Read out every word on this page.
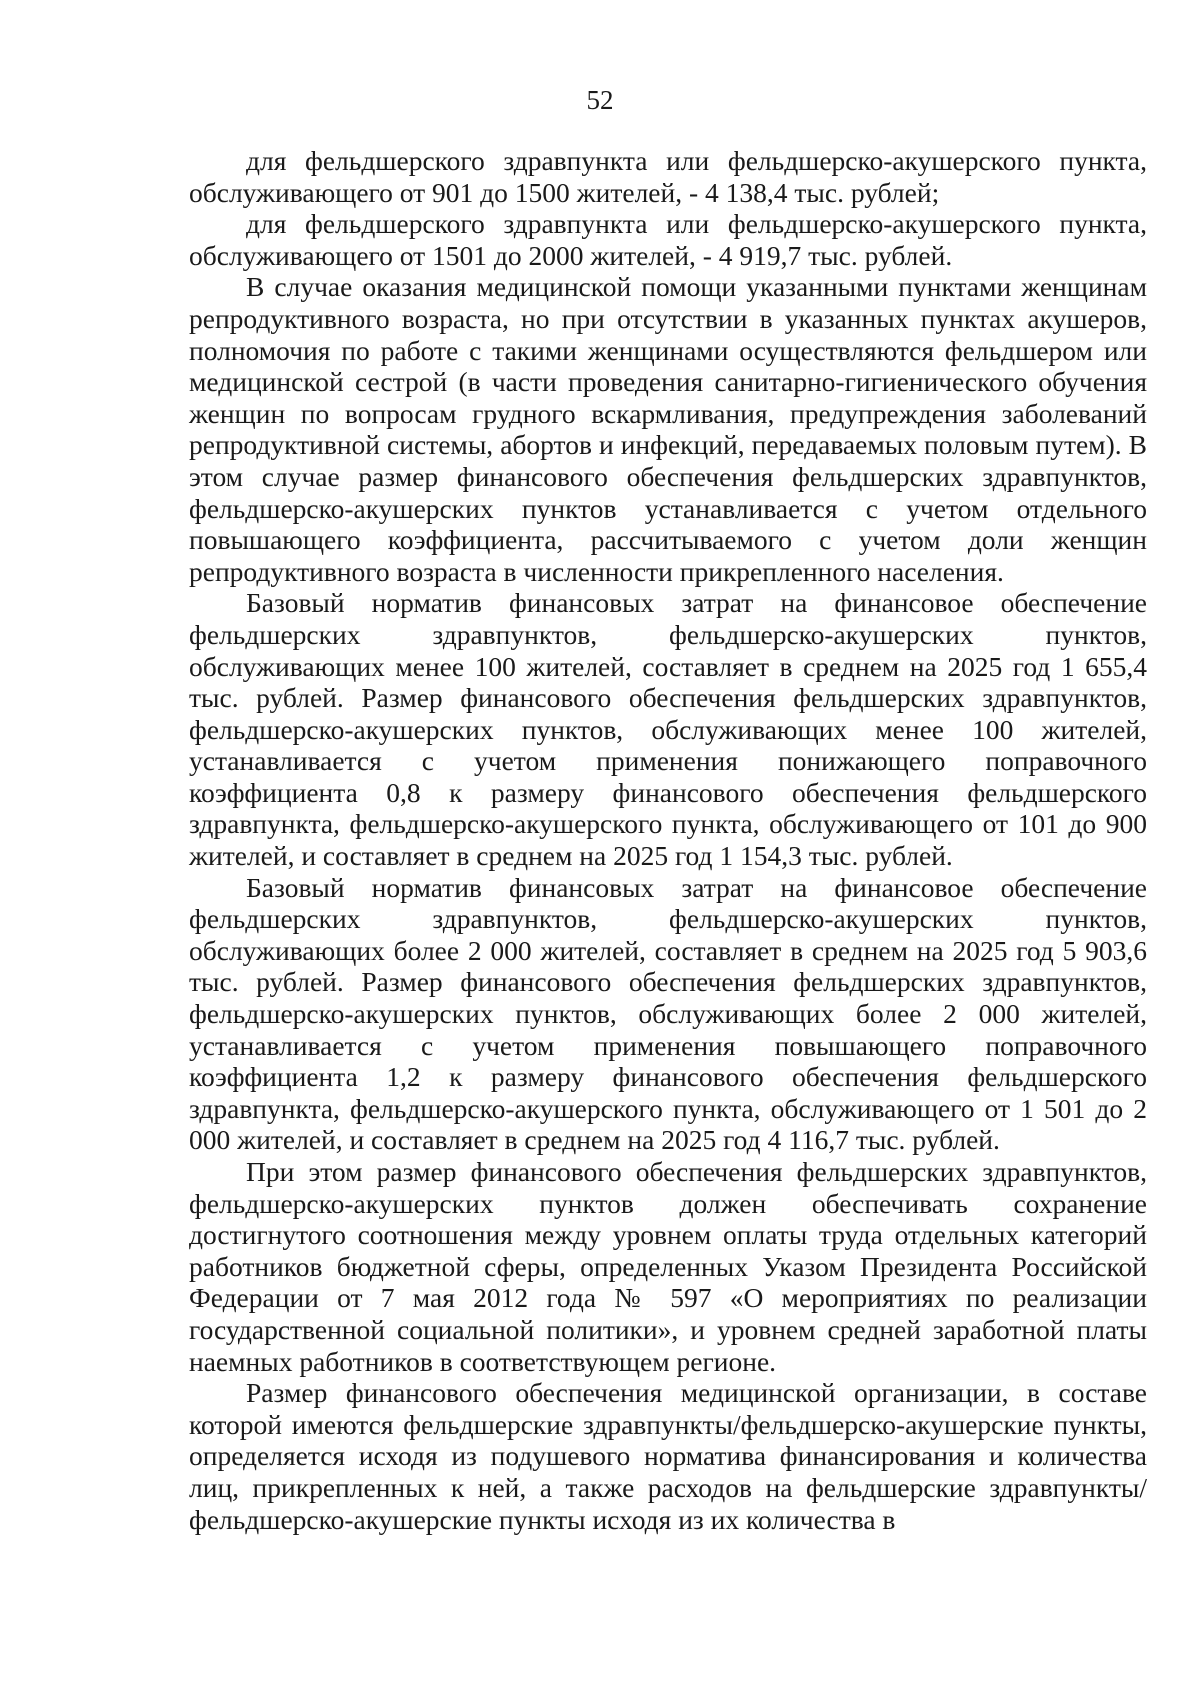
52

для фельдшерского здравпункта или фельдшерско-акушерского пункта, обслуживающего от 901 до 1500 жителей, - 4 138,4 тыс. рублей;

для фельдшерского здравпункта или фельдшерско-акушерского пункта, обслуживающего от 1501 до 2000 жителей, - 4 919,7 тыс. рублей.

В случае оказания медицинской помощи указанными пунктами женщинам репродуктивного возраста, но при отсутствии в указанных пунктах акушеров, полномочия по работе с такими женщинами осуществляются фельдшером или медицинской сестрой (в части проведения санитарно-гигиенического обучения женщин по вопросам грудного вскармливания, предупреждения заболеваний репродуктивной системы, абортов и инфекций, передаваемых половым путем). В этом случае размер финансового обеспечения фельдшерских здравпунктов, фельдшерско-акушерских пунктов устанавливается с учетом отдельного повышающего коэффициента, рассчитываемого с учетом доли женщин репродуктивного возраста в численности прикрепленного населения.

Базовый норматив финансовых затрат на финансовое обеспечение фельдшерских здравпунктов, фельдшерско-акушерских пунктов, обслуживающих менее 100 жителей, составляет в среднем на 2025 год 1 655,4 тыс. рублей. Размер финансового обеспечения фельдшерских здравпунктов, фельдшерско-акушерских пунктов, обслуживающих менее 100 жителей, устанавливается с учетом применения понижающего поправочного коэффициента 0,8 к размеру финансового обеспечения фельдшерского здравпункта, фельдшерско-акушерского пункта, обслуживающего от 101 до 900 жителей, и составляет в среднем на 2025 год 1 154,3 тыс. рублей.

Базовый норматив финансовых затрат на финансовое обеспечение фельдшерских здравпунктов, фельдшерско-акушерских пунктов, обслуживающих более 2 000 жителей, составляет в среднем на 2025 год 5 903,6 тыс. рублей. Размер финансового обеспечения фельдшерских здравпунктов, фельдшерско-акушерских пунктов, обслуживающих более 2 000 жителей, устанавливается с учетом применения повышающего поправочного коэффициента 1,2 к размеру финансового обеспечения фельдшерского здравпункта, фельдшерско-акушерского пункта, обслуживающего от 1 501 до 2 000 жителей, и составляет в среднем на 2025 год 4 116,7 тыс. рублей.

При этом размер финансового обеспечения фельдшерских здравпунктов, фельдшерско-акушерских пунктов должен обеспечивать сохранение достигнутого соотношения между уровнем оплаты труда отдельных категорий работников бюджетной сферы, определенных Указом Президента Российской Федерации от 7 мая 2012 года № 597 «О мероприятиях по реализации государственной социальной политики», и уровнем средней заработной платы наемных работников в соответствующем регионе.

Размер финансового обеспечения медицинской организации, в составе которой имеются фельдшерские здравпункты/фельдшерско-акушерские пункты, определяется исходя из подушевого норматива финансирования и количества лиц, прикрепленных к ней, а также расходов на фельдшерские здравпункты/фельдшерско-акушерские пункты исходя из их количества в
